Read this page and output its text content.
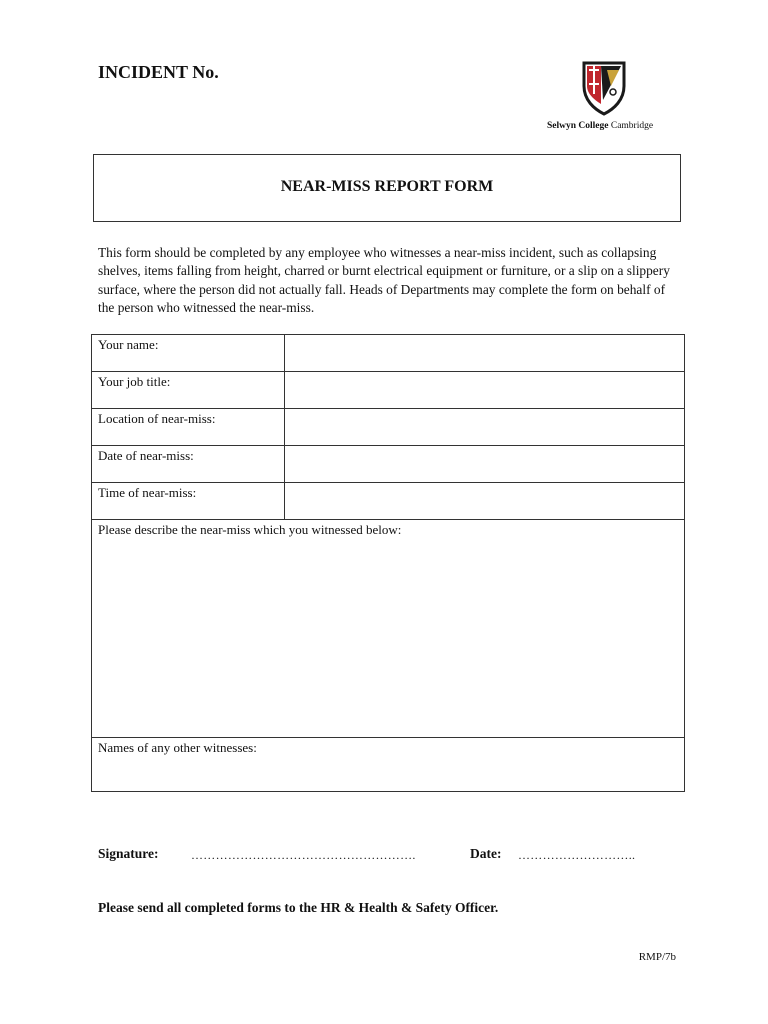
INCIDENT No.
Selwyn College Cambridge
NEAR-MISS REPORT FORM
This form should be completed by any employee who witnesses a near-miss incident, such as collapsing shelves, items falling from height, charred or burnt electrical equipment or furniture, or a slip on a slippery surface, where the person did not actually fall. Heads of Departments may complete the form on behalf of the person who witnessed the near-miss.
Your name:	
Your job title:	
Location of near-miss:	
Date of near-miss:	
Time of near-miss:	
Please describe the near-miss which you witnessed below:	
Names of any other witnesses:	
Signature:	……………………………………………….	Date: ………………………..
Please send all completed forms to the HR & Health & Safety Officer.
RMP/7b
